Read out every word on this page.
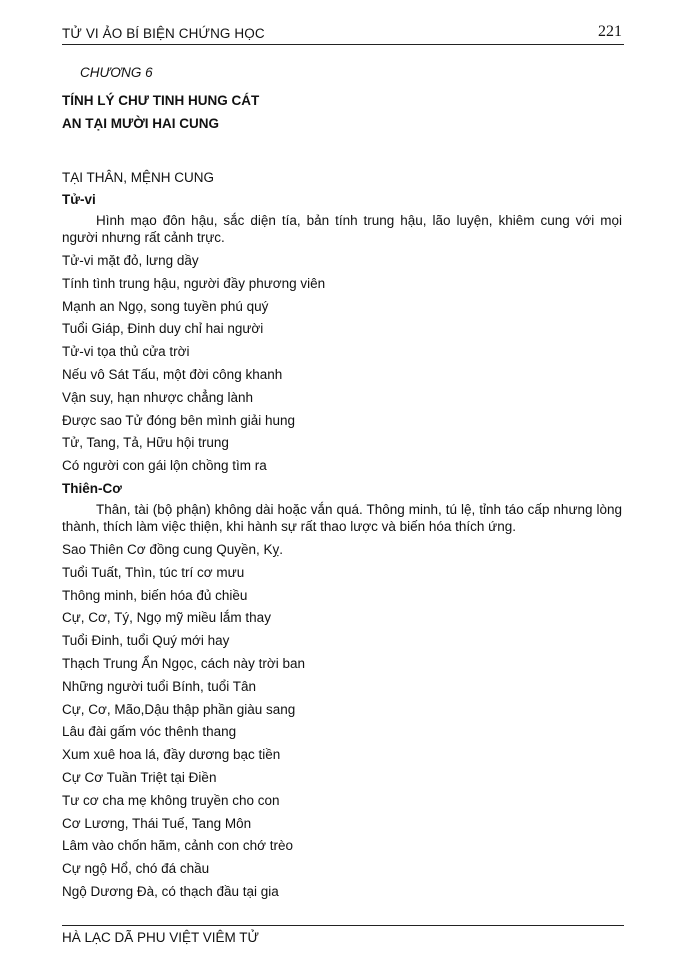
TỬ VI ẢO BÍ BIỆN CHỨNG HỌC	221

CHƯƠNG 6

TÍNH LÝ CHƯ TINH HUNG CÁT

AN TẠI MƯỜI HAI CUNG

TẠI THÂN, MỆNH CUNG

Tử-vi

Hình mạo đôn hậu, sắc diện tía, bản tính trung hậu, lão luyện, khiêm cung với mọi người nhưng rất cảnh trực.

Tử-vi mặt đỏ, lưng dầy

Tính tình trung hậu, người đầy phương viên

Mạnh an Ngọ, song tuyền phú quý

Tuổi Giáp, Đinh duy chỉ hai người

Tử-vi tọa thủ cửa trời

Nếu vô Sát Tấu, một đời công khanh

Vận suy, hạn nhược chẳng lành

Được sao Tử đóng bên mình giải hung

Tử, Tang, Tả, Hữu hội trung

Có người con gái lộn chồng tìm ra

Thiên-Cơ

Thân, tài (bộ phận) không dài hoặc vắn quá. Thông minh, tú lệ, tỉnh táo cấp nhưng lòng thành, thích làm việc thiện, khi hành sự rất thao lược và biến hóa thích ứng.

Sao Thiên Cơ đồng cung Quyền, Kỵ.

Tuổi Tuất, Thìn, túc trí cơ mưu

Thông minh, biến hóa đủ chiều

Cự, Cơ, Tý, Ngọ mỹ miều lắm thay

Tuổi Đinh, tuổi Quý mới hay

Thạch Trung Ẩn Ngọc, cách này trời ban

Những người tuổi Bính, tuổi Tân

Cự, Cơ, Mão,Dậu thập phần giàu sang

Lâu đài gấm vóc thênh thang

Xum xuê hoa lá, đầy dương bạc tiền

Cự Cơ Tuần Triệt tại Điền

Tư cơ cha mẹ không truyền cho con

Cơ Lương, Thái Tuế, Tang Môn

Lâm vào chốn hãm, cảnh con chớ trèo

Cự ngộ Hổ, chó đá chầu

Ngộ Dương Đà, có thạch đầu tại gia

HÀ LẠC DÃ PHU VIỆT VIÊM TỬ
